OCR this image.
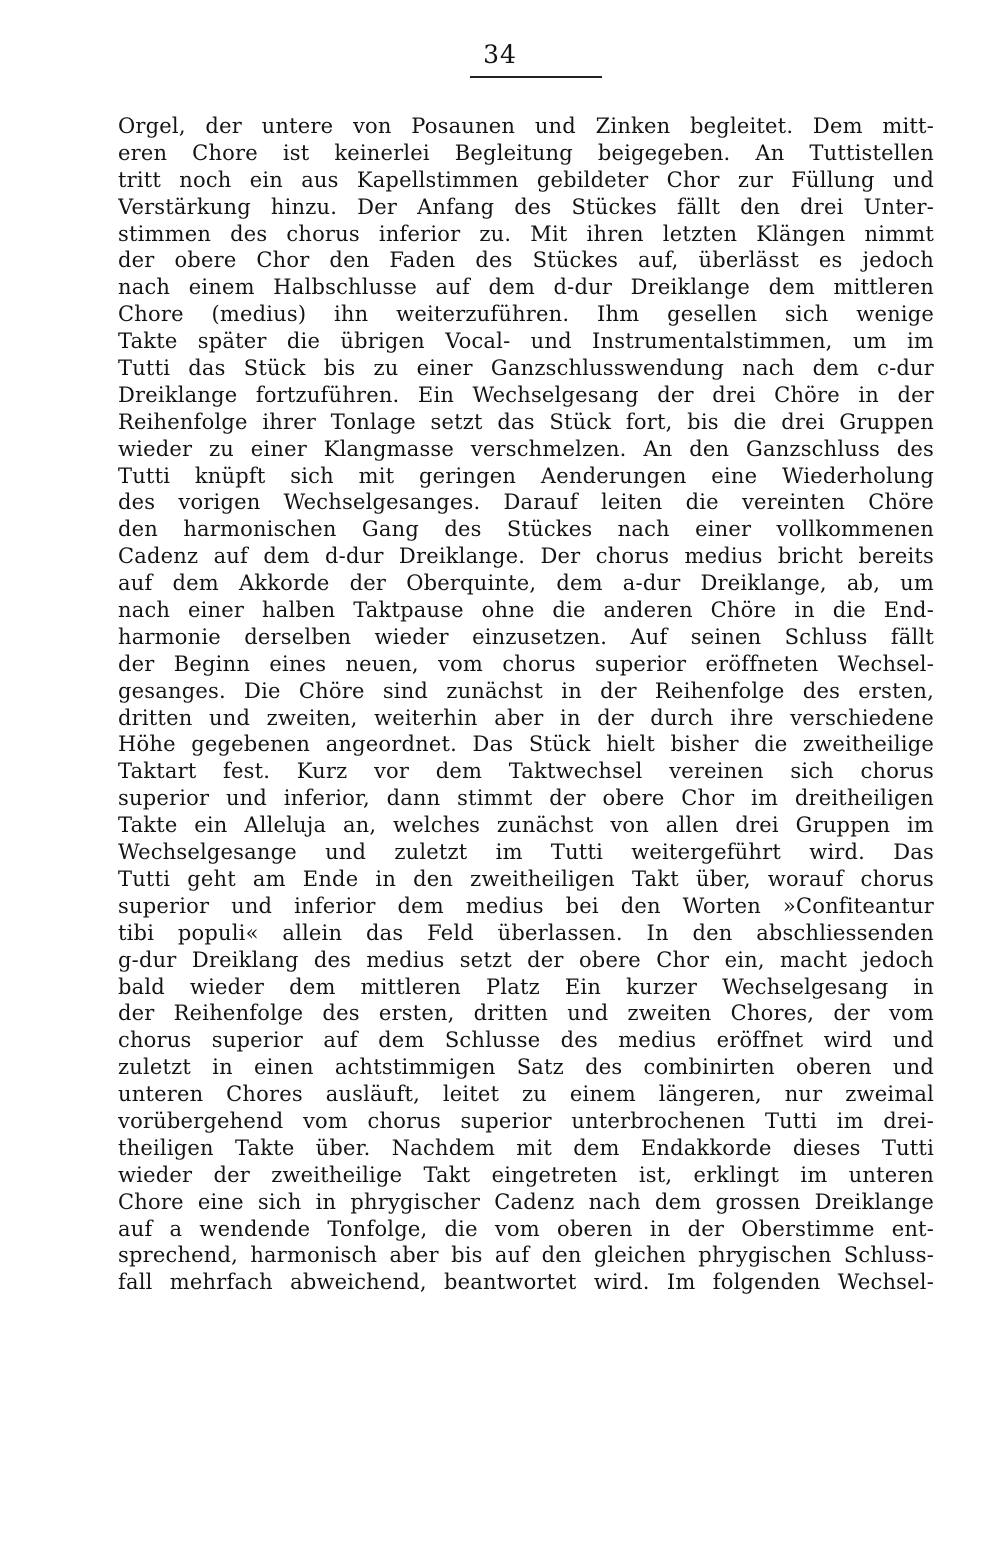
34
Orgel, der untere von Posaunen und Zinken begleitet. Dem mitt-
eren Chore ist keinerlei Begleitung beigegeben. An Tuttistellen
tritt noch ein aus Kapellstimmen gebildeter Chor zur Füllung und
Verstärkung hinzu. Der Anfang des Stückes fällt den drei Unter-
stimmen des chorus inferior zu. Mit ihren letzten Klängen nimmt
der obere Chor den Faden des Stückes auf, überlässt es jedoch
nach einem Halbschlusse auf dem d-dur Dreiklange dem mittleren
Chore (medius) ihn weiterzuführen. Ihm gesellen sich wenige
Takte später die übrigen Vocal- und Instrumentalstimmen, um im
Tutti das Stück bis zu einer Ganzschlusswendung nach dem c-dur
Dreiklange fortzuführen. Ein Wechselgesang der drei Chöre in der
Reihenfolge ihrer Tonlage setzt das Stück fort, bis die drei Gruppen
wieder zu einer Klangmasse verschmelzen. An den Ganzschluss des
Tutti knüpft sich mit geringen Aenderungen eine Wiederholung
des vorigen Wechselgesanges. Darauf leiten die vereinten Chöre
den harmonischen Gang des Stückes nach einer vollkommenen
Cadenz auf dem d-dur Dreiklange. Der chorus medius bricht bereits
auf dem Akkorde der Oberquinte, dem a-dur Dreiklange, ab, um
nach einer halben Taktpause ohne die anderen Chöre in die End-
harmonie derselben wieder einzusetzen. Auf seinen Schluss fällt
der Beginn eines neuen, vom chorus superior eröffneten Wechsel-
gesanges. Die Chöre sind zunächst in der Reihenfolge des ersten,
dritten und zweiten, weiterhin aber in der durch ihre verschiedene
Höhe gegebenen angeordnet. Das Stück hielt bisher die zweitheilige
Taktart fest. Kurz vor dem Taktwechsel vereinen sich chorus
superior und inferior, dann stimmt der obere Chor im dreitheiligen
Takte ein Alleluja an, welches zunächst von allen drei Gruppen im
Wechselgesange und zuletzt im Tutti weitergeführt wird. Das
Tutti geht am Ende in den zweitheiligen Takt über, worauf chorus
superior und inferior dem medius bei den Worten »Confiteantur
tibi populi« allein das Feld überlassen. In den abschliessenden
g-dur Dreiklang des medius setzt der obere Chor ein, macht jedoch
bald wieder dem mittleren Platz Ein kurzer Wechselgesang in
der Reihenfolge des ersten, dritten und zweiten Chores, der vom
chorus superior auf dem Schlusse des medius eröffnet wird und
zuletzt in einen achtstimmigen Satz des combinirten oberen und
unteren Chores ausläuft, leitet zu einem längeren, nur zweimal
vorübergehend vom chorus superior unterbrochenen Tutti im drei-
theiligen Takte über. Nachdem mit dem Endakkorde dieses Tutti
wieder der zweitheilige Takt eingetreten ist, erklingt im unteren
Chore eine sich in phrygischer Cadenz nach dem grossen Dreiklange
auf a wendende Tonfolge, die vom oberen in der Oberstimme ent-
sprechend, harmonisch aber bis auf den gleichen phrygischen Schluss-
fall mehrfach abweichend, beantwortet wird. Im folgenden Wechsel-
